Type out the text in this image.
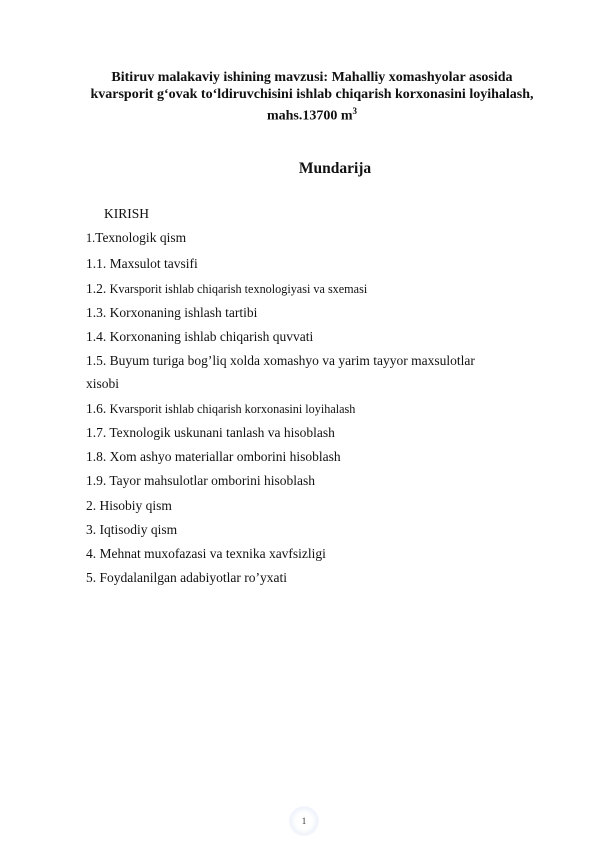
Bitiruv malakaviy ishining mavzusi: Mahalliy xomashyolar asosida
kvarsporit g‘ovak to‘ldiruvchisini ishlab chiqarish korxonasini loyihalash,
mahs.13700 $m^3$
Mundarija
KIRISH
1.Texnologik qism
1.1. Maxsulot tavsifi
1.2. Kvarsporit ishlab chiqarish texnologiyasi va sxemasi
1.3. Korxonaning ishlash tartibi
1.4. Korxonaning ishlab chiqarish quvvati
1.5. Buyum turiga bog’liq xolda xomashyo va yarim tayyor maxsulotlar
xisobi
1.6. Kvarsporit ishlab chiqarish korxonasini loyihalash
1.7. Texnologik uskunani tanlash va hisoblash
1.8. Xom ashyo materiallar omborini hisoblash
1.9. Tayor mahsulotlar omborini hisoblash
2. Hisobiy qism
3. Iqtisodiy qism
4. Mehnat muxofazasi va texnika xavfsizligi
5. Foydalanilgan adabiyotlar ro’yxati
1
